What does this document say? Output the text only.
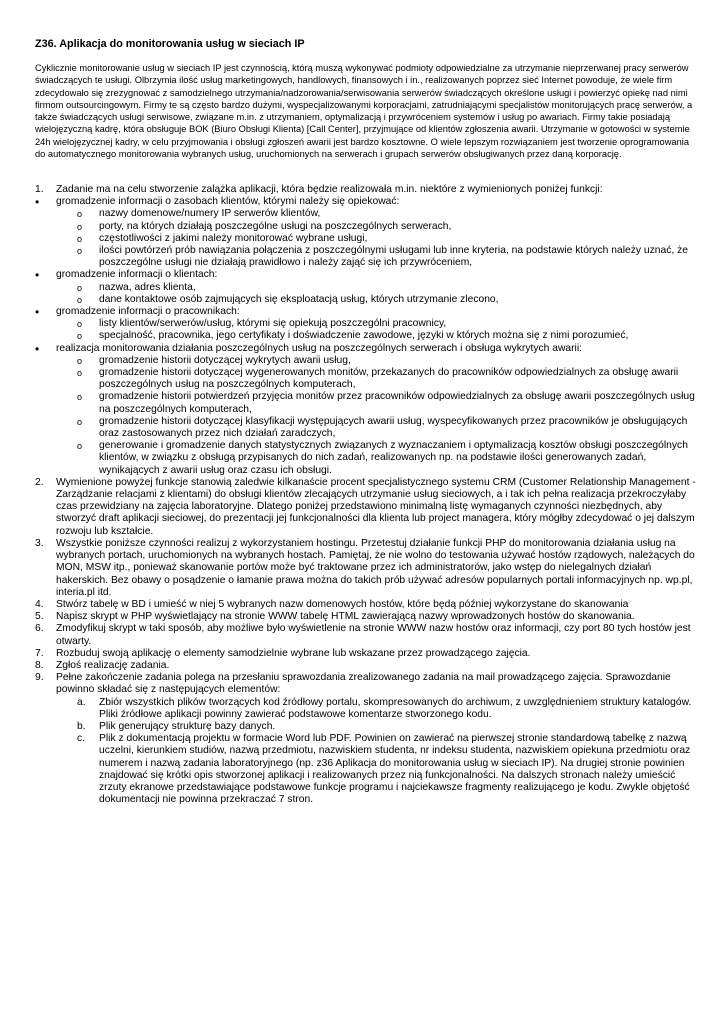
Z36. Aplikacja do monitorowania usług w sieciach IP

Cyklicznie monitorowanie usług w sieciach IP jest czynnością, którą muszą wykonywać podmioty odpowiedzialne za utrzymanie nieprzerwanej pracy serwerów świadczących te usługi. Olbrzymia ilość usług marketingowych, handlowych, finansowych i in., realizowanych poprzez sieć Internet powoduje, że wiele firm zdecydowało się zrezygnować z samodzielnego utrzymania/nadzorowania/serwisowania serwerów świadczących określone usługi i powierzyć opiekę nad nimi firmom outsourcingowym. Firmy te są często bardzo dużymi, wyspecjalizowanymi korporacjami, zatrudniającymi specjalistów monitorujących pracę serwerów, a także świadczących usługi serwisowe, związane m.in. z utrzymaniem, optymalizacją i przywróceniem systemów i usług po awariach. Firmy takie posiadają wielojęzyczną kadrę, która obsługuje BOK (Biuro Obsługi Klienta) [Call Center], przyjmujące od klientów zgłoszenia awarii. Utrzymanie w gotowości w systemie 24h wielojęzycznej kadry, w celu przyjmowania i obsługi zgłoszeń awarii jest bardzo kosztowne. O wiele lepszym rozwiązaniem jest tworzenie oprogramowania do automatycznego monitorowania wybranych usług, uruchomionych na serwerach i grupach serwerów obsługiwanych przez daną korporację.

1.	Zadanie ma na celu stworzenie zalążka aplikacji, która będzie realizowała m.in. niektóre z wymienionych poniżej funkcji:
•	gromadzenie informacji o zasobach klientów, którymi należy się opiekować:
o	nazwy domenowe/numery IP serwerów klientów,
o	porty, na których działają poszczególne usługi na poszczególnych serwerach,
o	częstotliwości z jakimi należy monitorować wybrane usługi,
o	ilości powtórzeń prób nawiązania połączenia z poszczególnymi usługami lub inne kryteria, na podstawie których należy uznać, że poszczególne usługi nie działają prawidłowo i należy zająć się ich przywróceniem,
•	gromadzenie informacji o klientach:
o	nazwa, adres klienta,
o	dane kontaktowe osób zajmujących się eksploatacją usług, których utrzymanie zlecono,
•	gromadzenie informacji o pracownikach:
o	listy klientów/serwerów/usług, którymi się opiekują poszczególni pracownicy,
o	specjalność, pracownika, jego certyfikaty i doświadczenie zawodowe, języki w których można się z nimi porozumieć,
•	realizacja monitorowania działania poszczególnych usług na poszczególnych serwerach i obsługa wykrytych awarii:
o	gromadzenie historii dotyczącej wykrytych awarii usług,
o	gromadzenie historii dotyczącej wygenerowanych monitów, przekazanych do pracowników odpowiedzialnych za obsługę awarii poszczególnych usług na poszczególnych komputerach,
o	gromadzenie historii potwierdzeń przyjęcia monitów przez pracowników odpowiedzialnych za obsługę awarii poszczególnych usług na poszczególnych komputerach,
o	gromadzenie historii dotyczącej klasyfikacji występujących awarii usług, wyspecyfikowanych przez pracowników je obsługujących oraz zastosowanych przez nich działań zaradczych,
o	generowanie i gromadzenie danych statystycznych związanych z wyznaczaniem i optymalizacją kosztów obsługi poszczególnych klientów, w związku z obsługą przypisanych do nich zadań, realizowanych np. na podstawie ilości generowanych zadań, wynikających z awarii usług oraz czasu ich obsługi.
2.	Wymienione powyżej funkcje stanowią zaledwie kilkanaście procent specjalistycznego systemu CRM (Customer Relationship Management - Zarządzanie relacjami z klientami) do obsługi klientów zlecających utrzymanie usług sieciowych, a i tak ich pełna realizacja przekroczyłaby czas przewidziany na zajęcia laboratoryjne. Dlatego poniżej przedstawiono minimalną listę wymaganych czynności niezbędnych, aby stworzyć draft aplikacji sieciowej, do prezentacji jej funkcjonalności dla klienta lub project managera, który mógłby zdecydować o jej dalszym rozwoju lub kształcie.
3.	Wszystkie poniższe czynności realizuj z wykorzystaniem hostingu. Przetestuj działanie funkcji PHP do monitorowania działania usług na wybranych portach, uruchomionych na wybranych hostach. Pamiętaj, że nie wolno do testowania używać hostów rządowych, należących do MON, MSW itp., ponieważ skanowanie portów może być traktowane przez ich administratorów, jako wstęp do nielegalnych działań hakerskich. Bez obawy o posądzenie o łamanie prawa można do takich prób używać adresów popularnych portali informacyjnych np. wp.pl, interia.pl itd.
4.	Stwórz tabelę w BD i umieść w niej 5 wybranych nazw domenowych hostów, które będą później wykorzystane do skanowania
5.	Napisz skrypt w PHP wyświetlający na stronie WWW tabelę HTML zawierającą nazwy wprowadzonych hostów do skanowania.
6.	Zmodyfikuj skrypt w taki sposób, aby możliwe było wyświetlenie na stronie WWW nazw hostów oraz informacji, czy port 80 tych hostów jest otwarty.
7.	Rozbuduj swoją aplikację o elementy samodzielnie wybrane lub wskazane przez prowadzącego zajęcia.
8.	Zgłoś realizację zadania.
9.	Pełne zakończenie zadania polega na przesłaniu sprawozdania zrealizowanego zadania na mail prowadzącego zajęcia. Sprawozdanie powinno składać się z następujących elementów:
a.	Zbiór wszystkich plików tworzących kod źródłowy portalu, skompresowanych do archiwum, z uwzględnieniem struktury katalogów. Pliki źródłowe aplikacji powinny zawierać podstawowe komentarze stworzonego kodu.
b.	Plik generujący strukturę bazy danych.
c.	Plik z dokumentacją projektu w formacie Word lub PDF. Powinien on zawierać na pierwszej stronie standardową tabelkę z nazwą uczelni, kierunkiem studiów, nazwą przedmiotu, nazwiskiem studenta, nr indeksu studenta, nazwiskiem opiekuna przedmiotu oraz numerem i nazwą zadania laboratoryjnego (np. z36 Aplikacja do monitorowania usług w sieciach IP). Na drugiej stronie powinien znajdować się krótki opis stworzonej aplikacji i realizowanych przez nią funkcjonalności. Na dalszych stronach należy umieścić zrzuty ekranowe przedstawiające podstawowe funkcje programu i najciekawsze fragmenty realizującego je kodu. Zwykle objętość dokumentacji nie powinna przekraczać 7 stron.
